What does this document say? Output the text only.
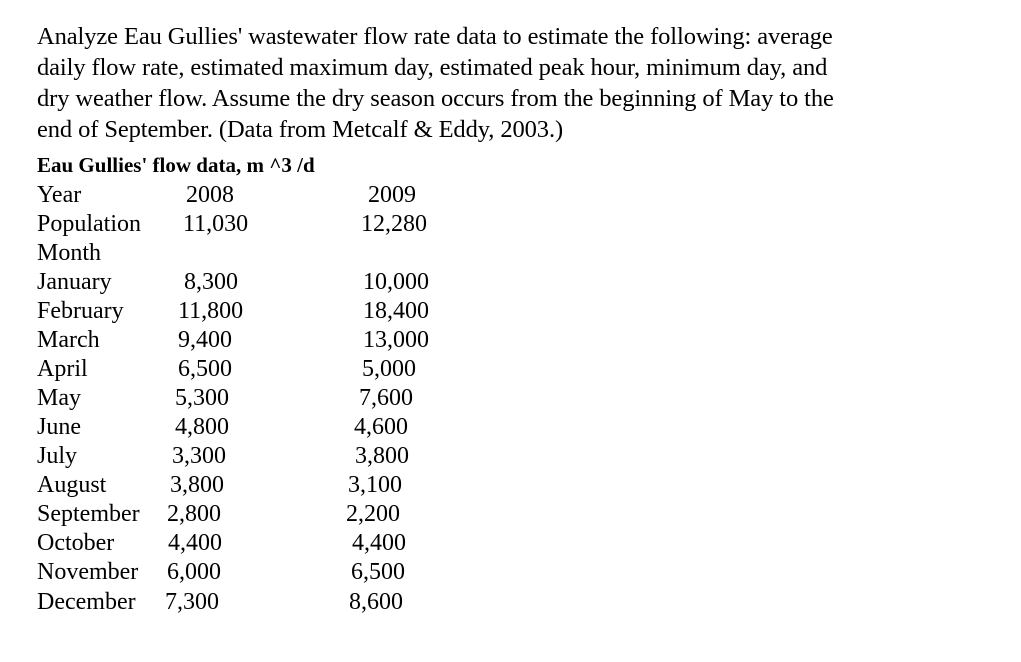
Analyze Eau Gullies' wastewater flow rate data to estimate the following: average

daily flow rate, estimated maximum day, estimated peak hour, minimum day, and

dry weather flow. Assume the dry season occurs from the beginning of May to the

end of September. (Data from Metcalf & Eddy, 2003.)

Eau Gullies' flow data, m ^3 /d
Year	2008	2009
Population 11,030	12,280
Month
January	8,300	10,000
February 11,800	18,400
March	9,400	13,000
April	6,500	5,000
May	5,300	7,600
June	4,800	4,600
July	3,300	3,800
August	3,800	3,100
September 2,800	2,200
October 4,400	4,400
November 6,000	6,500
December 7,300	8,600
